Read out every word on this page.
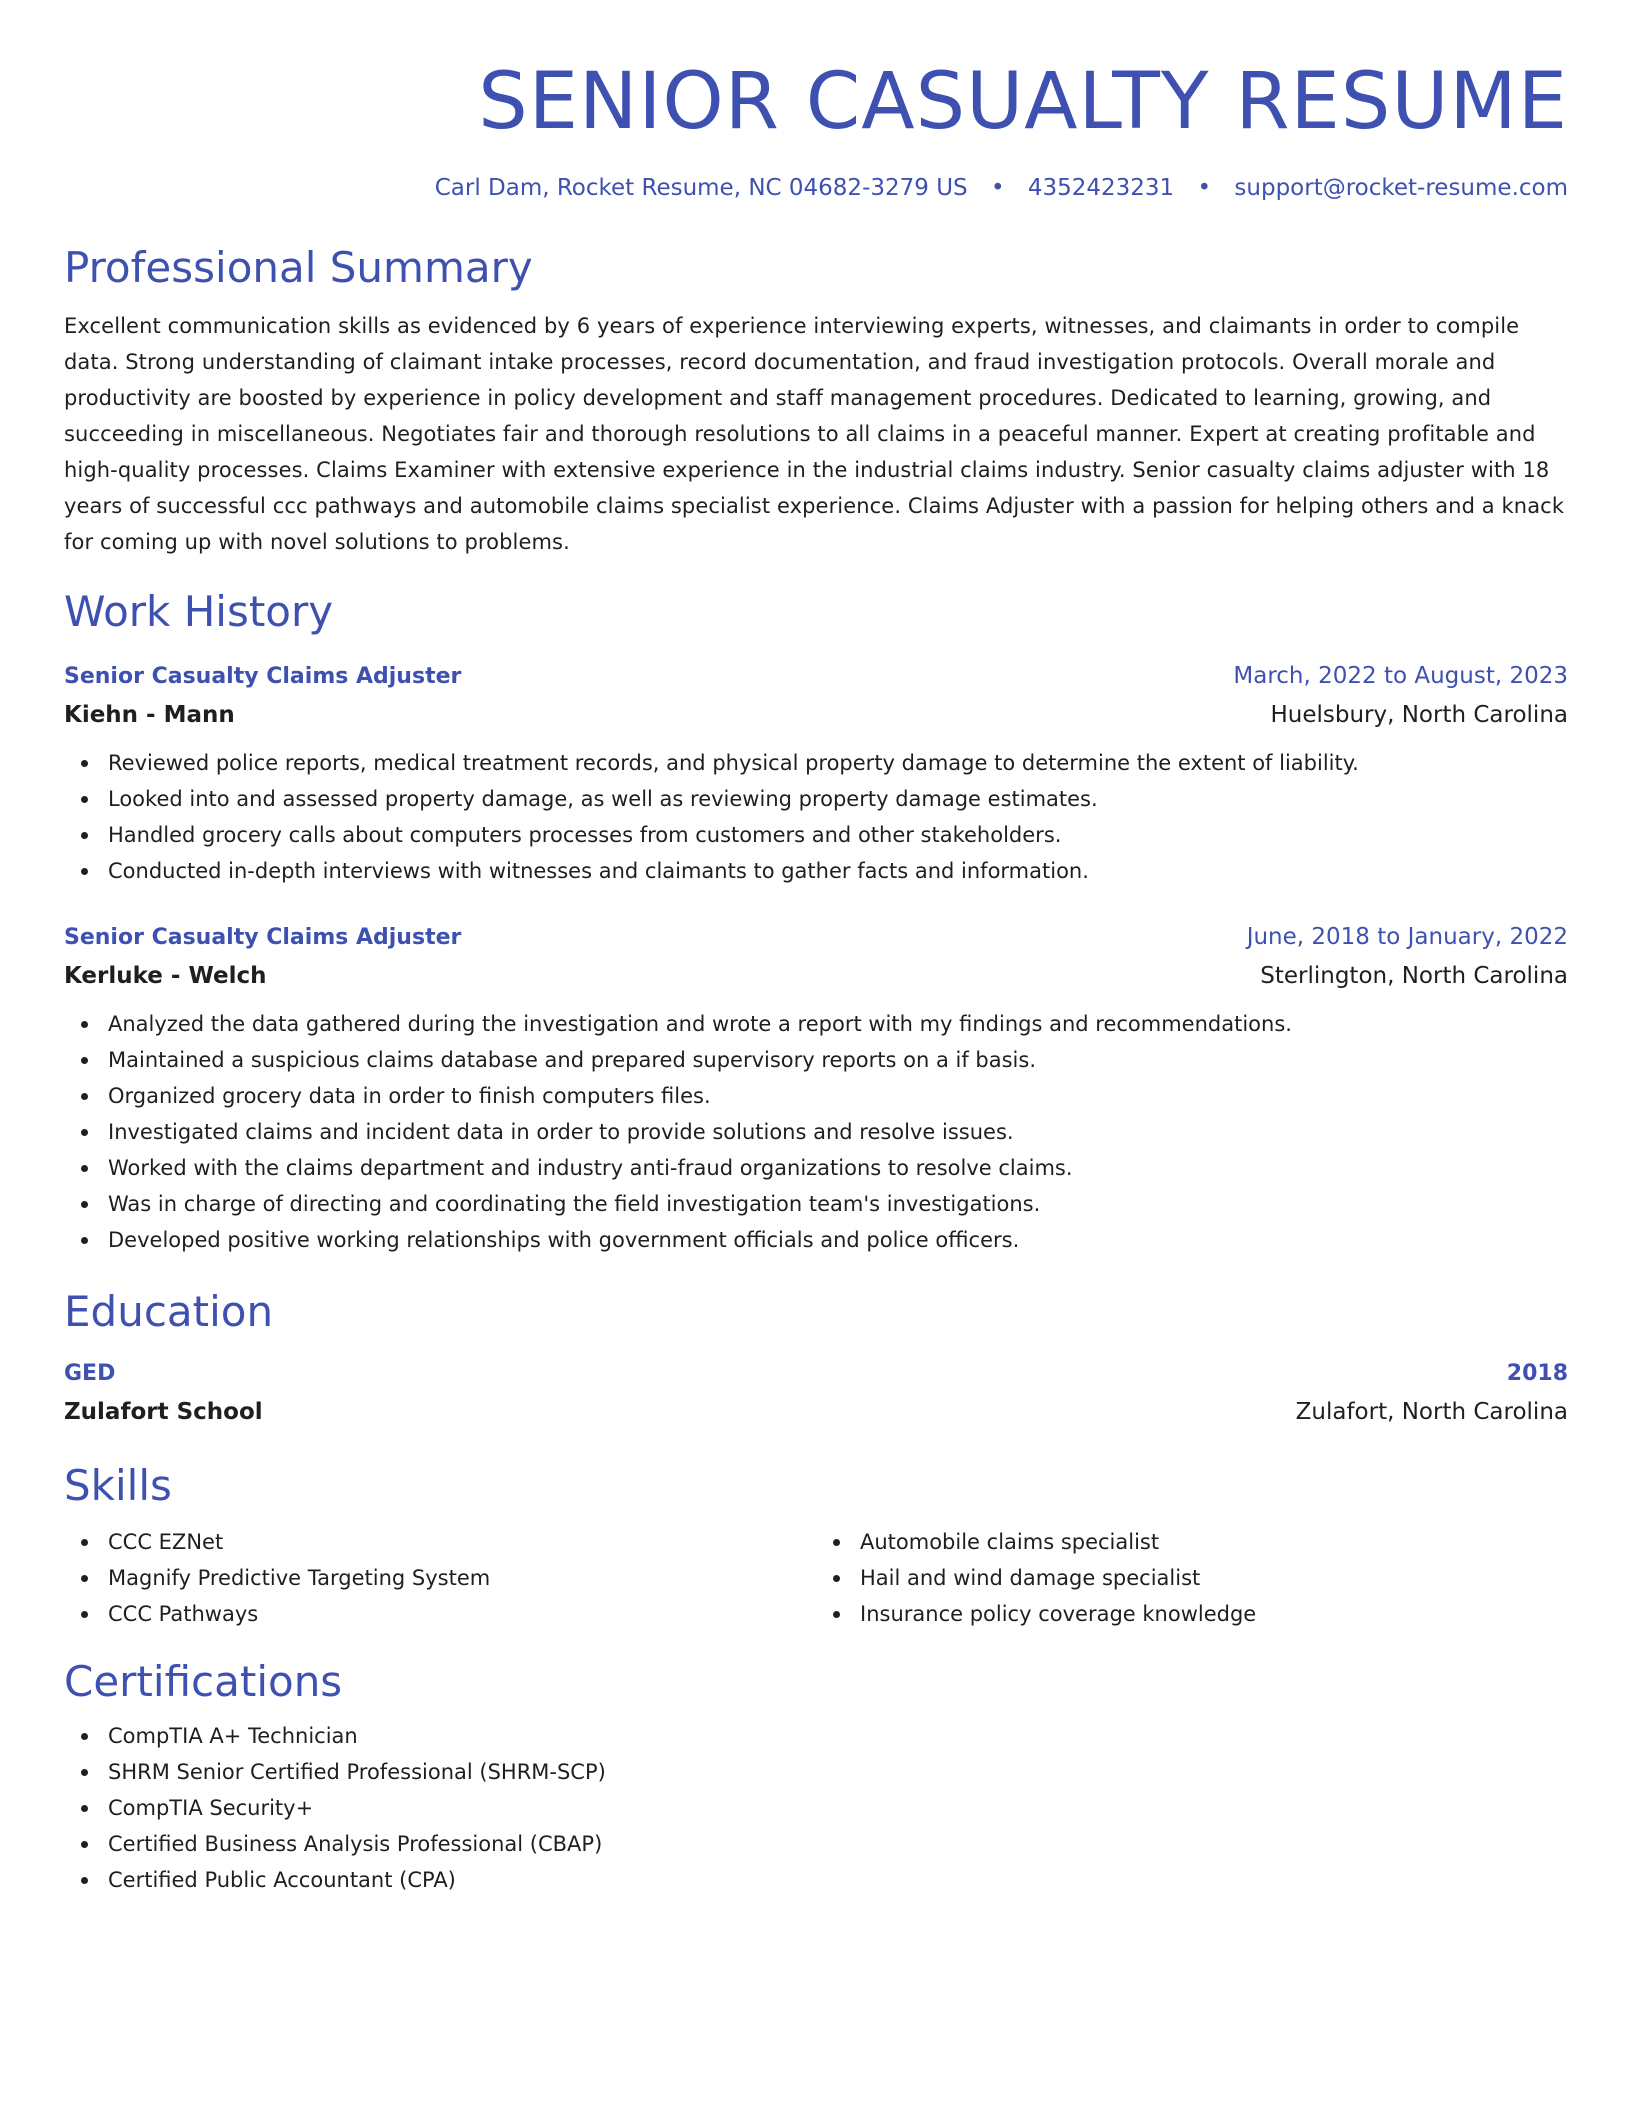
SENIOR CASUALTY RESUME
Carl Dam, Rocket Resume, NC 04682-3279 US • 4352423231 • support@rocket-resume.com
Professional Summary

Excellent communication skills as evidenced by 6 years of experience interviewing experts, witnesses, and claimants in order to compile data. Strong understanding of claimant intake processes, record documentation, and fraud investigation protocols. Overall morale and productivity are boosted by experience in policy development and staff management procedures. Dedicated to learning, growing, and succeeding in miscellaneous. Negotiates fair and thorough resolutions to all claims in a peaceful manner. Expert at creating profitable and high-quality processes. Claims Examiner with extensive experience in the industrial claims industry. Senior casualty claims adjuster with 18 years of successful ccc pathways and automobile claims specialist experience. Claims Adjuster with a passion for helping others and a knack for coming up with novel solutions to problems.

Work History
Senior Casualty Claims Adjuster	March, 2022 to August, 2023
Kiehn - Mann	Huelsbury, North Carolina
Reviewed police reports, medical treatment records, and physical property damage to determine the extent of liability.
Looked into and assessed property damage, as well as reviewing property damage estimates.
Handled grocery calls about computers processes from customers and other stakeholders.
Conducted in-depth interviews with witnesses and claimants to gather facts and information.
Senior Casualty Claims Adjuster	June, 2018 to January, 2022
Kerluke - Welch	Sterlington, North Carolina
Analyzed the data gathered during the investigation and wrote a report with my findings and recommendations.
Maintained a suspicious claims database and prepared supervisory reports on a if basis.
Organized grocery data in order to finish computers files.
Investigated claims and incident data in order to provide solutions and resolve issues.
Worked with the claims department and industry anti-fraud organizations to resolve claims.
Was in charge of directing and coordinating the field investigation team's investigations.
Developed positive working relationships with government officials and police officers.
Education
GED	2018
Zulafort School	Zulafort, North Carolina
Skills
CCC EZNet
Magnify Predictive Targeting System
CCC Pathways
Automobile claims specialist
Hail and wind damage specialist
Insurance policy coverage knowledge
Certifications
CompTIA A+ Technician
SHRM Senior Certified Professional (SHRM-SCP)
CompTIA Security+
Certified Business Analysis Professional (CBAP)
Certified Public Accountant (CPA)
